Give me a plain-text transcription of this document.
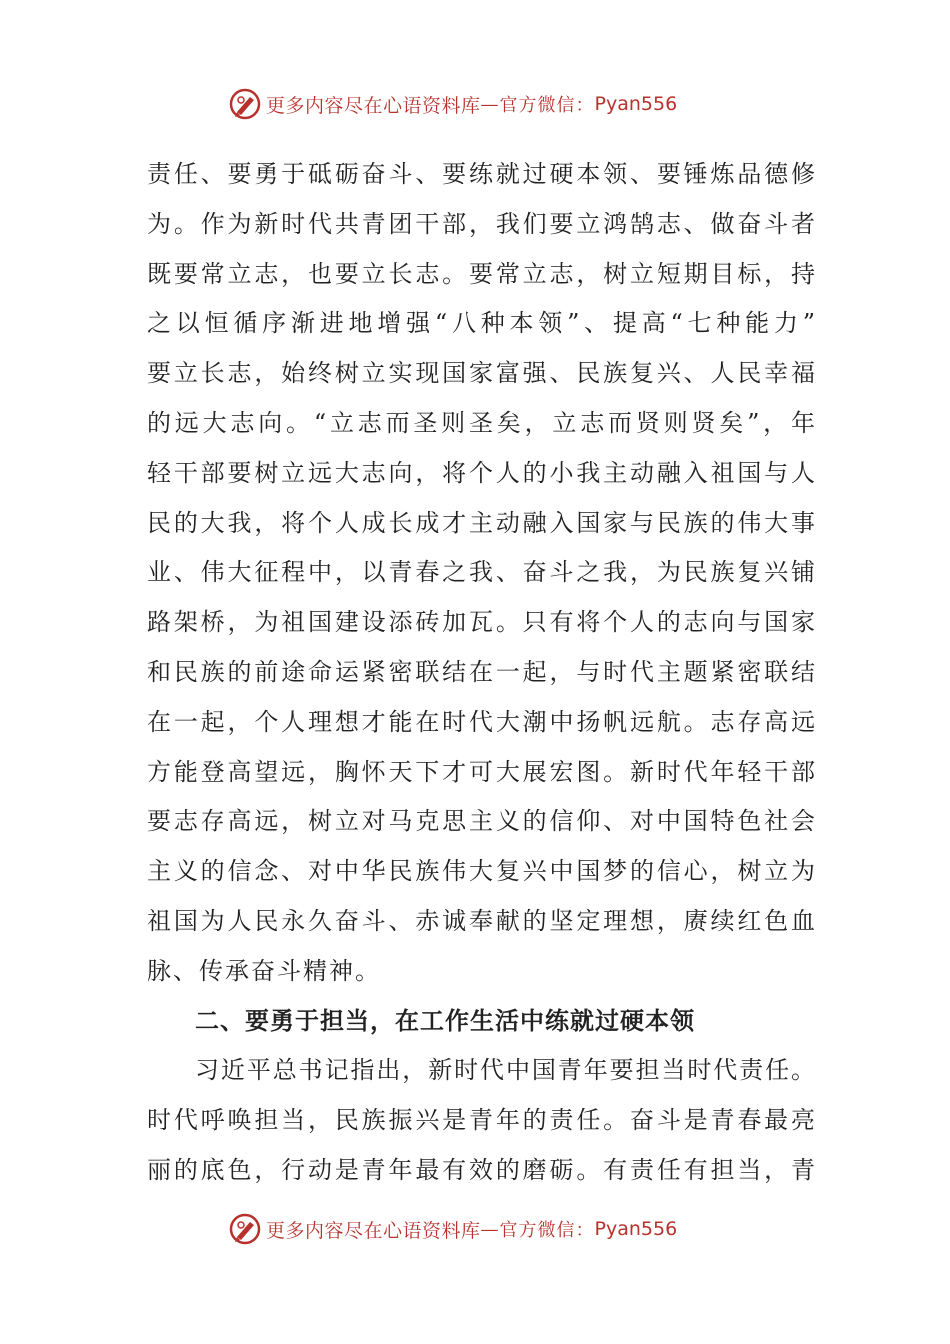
更多内容尽在心语资料库 — 官方微信： Pyan556
责任、要勇于砥砺奋斗、要练就过硬本领、要锤炼品德修
为。作为新时代共青团干部，我们要立鸿鹄志、做奋斗者
既要常立志，也要立长志。要常立志，树立短期目标，持
之以恒循序渐进地增强“八种本领”、提高“七种能力”
要立长志，始终树立实现国家富强、民族复兴、人民幸福
的远大志向。“立志而圣则圣矣，立志而贤则贤矣”，年
轻干部要树立远大志向，将个人的小我主动融入祖国与人
民的大我，将个人成长成才主动融入国家与民族的伟大事
业、伟大征程中，以青春之我、奋斗之我，为民族复兴铺
路架桥，为祖国建设添砖加瓦。只有将个人的志向与国家
和民族的前途命运紧密联结在一起，与时代主题紧密联结
在一起，个人理想才能在时代大潮中扬帆远航。志存高远
方能登高望远，胸怀天下才可大展宏图。新时代年轻干部
要志存高远，树立对马克思主义的信仰、对中国特色社会
主义的信念、对中华民族伟大复兴中国梦的信心，树立为
祖国为人民永久奋斗、赤诚奉献的坚定理想，赓续红色血
脉、传承奋斗精神。
二、要勇于担当，在工作生活中练就过硬本领
习近平总书记指出，新时代中国青年要担当时代责任。
时代呼唤担当，民族振兴是青年的责任。奋斗是青春最亮
丽的底色，行动是青年最有效的磨砺。有责任有担当，青
更多内容尽在心语资料库 — 官方微信： Pyan556
